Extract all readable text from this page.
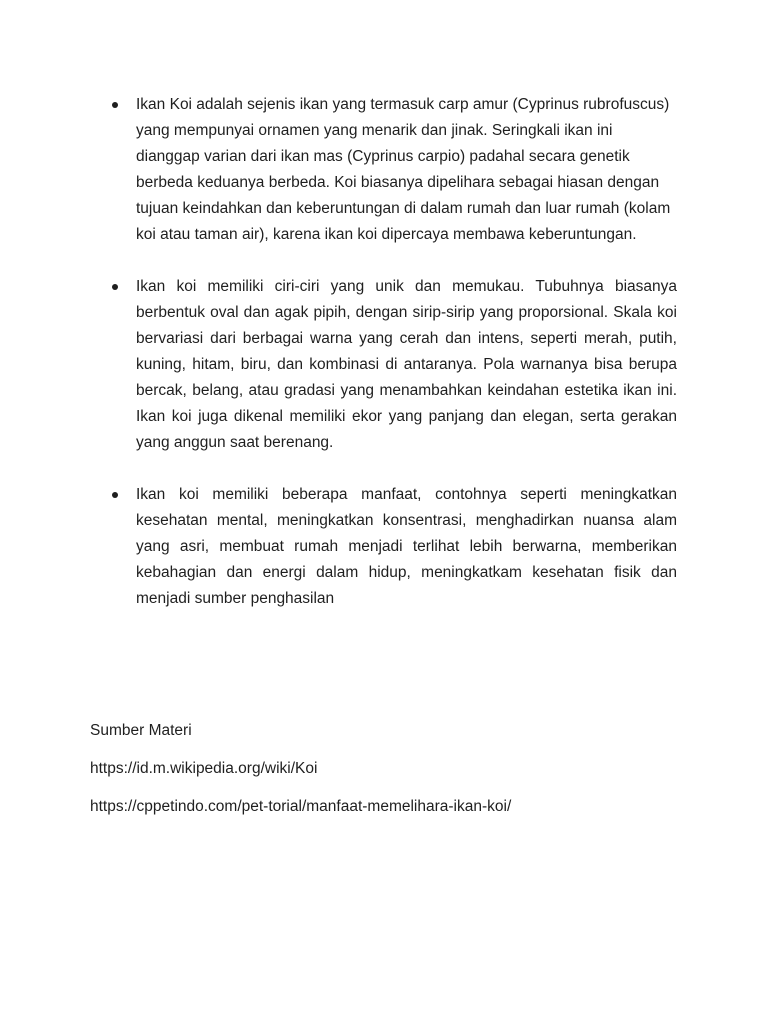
Ikan Koi adalah sejenis ikan yang termasuk carp amur (Cyprinus rubrofuscus) yang mempunyai ornamen yang menarik dan jinak. Seringkali ikan ini dianggap varian dari ikan mas (Cyprinus carpio) padahal secara genetik berbeda keduanya berbeda. Koi biasanya dipelihara sebagai hiasan dengan tujuan keindahkan dan keberuntungan di dalam rumah dan luar rumah (kolam koi atau taman air), karena ikan koi dipercaya membawa keberuntungan.
Ikan koi memiliki ciri-ciri yang unik dan memukau. Tubuhnya biasanya berbentuk oval dan agak pipih, dengan sirip-sirip yang proporsional. Skala koi bervariasi dari berbagai warna yang cerah dan intens, seperti merah, putih, kuning, hitam, biru, dan kombinasi di antaranya. Pola warnanya bisa berupa bercak, belang, atau gradasi yang menambahkan keindahan estetika ikan ini. Ikan koi juga dikenal memiliki ekor yang panjang dan elegan, serta gerakan yang anggun saat berenang.
Ikan koi memiliki beberapa manfaat, contohnya seperti meningkatkan kesehatan mental, meningkatkan konsentrasi, menghadirkan nuansa alam yang asri, membuat rumah menjadi terlihat lebih berwarna, memberikan kebahagian dan energi dalam hidup, meningkatkam kesehatan fisik dan menjadi sumber penghasilan
Sumber Materi
https://id.m.wikipedia.org/wiki/Koi
https://cppetindo.com/pet-torial/manfaat-memelihara-ikan-koi/
